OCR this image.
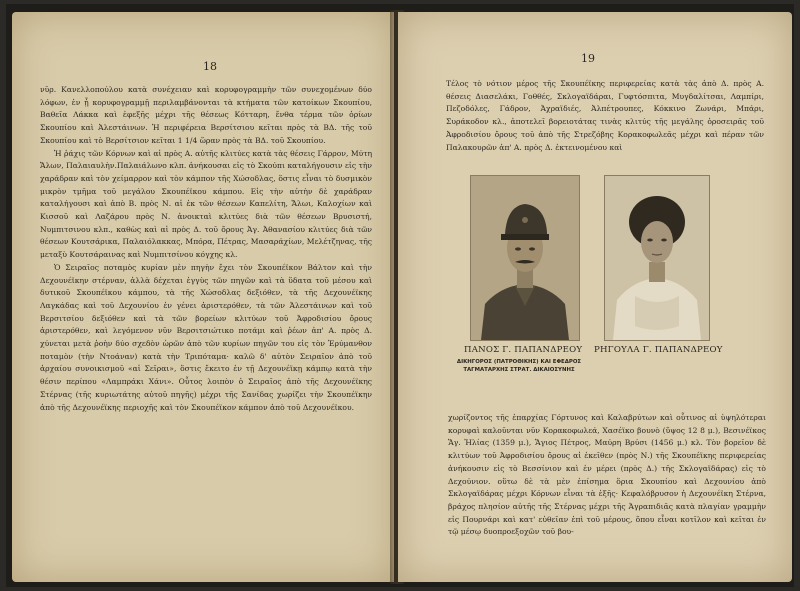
18

νῦρ. Κανελλοπούλου κατὰ συνέχειαν καὶ κορυφογραμμὴν τῶν συνεχομένων δύο λόφων, ἐν ᾗ κορυφογραμμῇ περιλαμβάνονται τὰ κτήματα τῶν κατοίκων Σκουπίου, Βαθεῖα Λάκκα καὶ ἐφεξῆς μέχρι τῆς θέσεως Κότταρη, ἔνθα τέρμα τῶν ὁρίων Σκουπίου καὶ Ἀλεστάινων. Ἡ περιφέρεια Βερσίτσιου κεῖται πρὸς τὰ ΒΔ. τῆς τοῦ Σκουπίου καὶ τὸ Βερσίτσιον κεῖται 1 1/4 ὥραν πρὸς τὰ ΒΔ. τοῦ Σκουπίου.

Ἡ ῥάχις τῶν Κόρνων καὶ αἱ πρὸς Α. αὐτῆς κλιτύες κατὰ τὰς θέσεις Γάρρον, Μύτη Ἄλων, Παλαιαυλὴν.Παλαιάλωνο κλπ. ἀνήκουσαι εἰς τὸ Σκούπι καταλήγουσιν εἰς τὴν χαράδραν καὶ τὸν χείμαρρον καὶ τὸν κάμπον τῆς Χώσοδλας, ὅστις εἶναι τὸ δυσμικὸν μικρὸν τμῆμα τοῦ μεγάλου Σκουπέϊκου κάμπου. Εἰς τὴν αὐτὴν δὲ χαράδραν καταλήγουσι καὶ ἀπὸ Β. πρὸς Ν. αἱ ἐκ τῶν θέσεων Καπελίτη, Ἄλωι, Καλοχίων καὶ Κισσοῦ καὶ Λαζάρου πρὸς Ν. ἀνοικταὶ κλιτύες διὰ τῶν θέσεων Βρυσιστή, Νυμπιτσινου κλπ., καθὼς καὶ αἱ πρὸς Δ. τοῦ ὄρους Ἁγ. Ἀθανασίου κλιτύες διὰ τῶν θέσεων Κουτσάρικα, Παλαιόλακκας, Μπόρα, Πέτρας, Μασαράχίων, Μελέτζηνας, τῆς μεταξὺ Κουτσάραινας καὶ Νυμπιτσίνου κόγχης κλ.

Ὁ Σειραῖος ποταμὸς κυρίαν μὲν πηγὴν ἔχει τὸν Σκουπέϊκον Βάλτον καὶ τὴν Δεχουνέϊκην στέρναν, ἀλλὰ δέχεται ἐγγὺς τῶν πηγῶν καὶ τὰ ὕδατα τοῦ μέσου καὶ δυτικοῦ Σκουπέϊκου κάμπου, τὰ τῆς Χώσοδλας δεξιόθεν, τὰ τῆς Δεχουνέϊκης Λαγκάδας καὶ τοῦ Δεχουνίου ἐν γένει ἀριστερόθεν, τὰ τῶν Ἀλεστάινων καὶ τοῦ Βερσιτσίου δεξιόθεν καὶ τὰ τῶν βορείων κλιτύων τοῦ Ἀφροδισίου ὄρους ἀριστερόθεν, καὶ λεγόμενον νῦν Βερσιτσιώτικο ποτάμι καὶ ῥέων ἀπ' Α. πρὸς Δ. χύνεται μετὰ ῥοὴν δύο σχεδὸν ὡρῶν ἀπὸ τῶν κυρίων πηγῶν του εἰς τὸν Ἐρύμανθον ποταμὸν (τὴν Ντοάναν) κατὰ τὴν Τριπόταμα· καλῶ δ' αὐτὸν Σειραῖον ἀπὸ τοῦ ἀρχαίου συνοικισμοῦ «αἱ Σεῖραι», ὅστις ἔκειτο ἐν τῇ Δεχουνέϊκῃ κάμπῳ κατὰ τὴν θέσιν περίπου «Λαμπράκι Χάνι». Οὗτος λοιπὸν ὁ Σειραῖος ἀπὸ τῆς Δεχουνέϊκης Στέρνας (τῆς κυριωτάτης αὐτοῦ πηγῆς) μέχρι τῆς Σανίδας χωρίζει τὴν Σκουπέϊκην ἀπὸ τῆς Δεχουνέϊκης περιοχῆς καὶ τὸν Σκουπέϊκον κάμπον ἀπὸ τοῦ Δεχουνέϊκου.

19
Τέλος τὸ νότιον μέρος τῆς Σκουπέϊκης περιφερείας κατὰ τὰς ἀπὸ Δ. πρὸς Α. θέσεις Διασελάκι, Γοθθές, Σκλογαϊδάραι, Γυφτόσπιτα, Μυγδαλίτσαι, Λαμπίρι, Πεζοδόλες, Γάδρον, Ἀχραϊδιές, Ἀλπέτρουπες, Κόκκινο Ζωνάρι, Μπάρι, Συράκοδον κλ., ἀποτελεῖ βορειοτάτας τινὰς κλιτύς τῆς μεγάλης ὀροσειρᾶς τοῦ Ἀφροδισίου ὄρους τοῦ ἀπὸ τῆς Στρεζόβης Κορακοφωλεᾶς μέχρι καὶ πέραν τῶν Παλακουρῶν ἀπ' Α. πρὸς Δ. ἐκτεινομένου καὶ
ΠΑΝΟΣ Γ. ΠΑΠΑΝΔΡΕΟΥ ΡΗΓΟΥΛΑ Γ. ΠΑΠΑΝΔΡΕΟΥ
ΔΙΚΗΓΟΡΟΣ (ΠΑΤΡΟΘΙΚΗΣ) ΚΑΙ ΕΦΕΔΡΟΣ ΤΑΓΜΑΤΑΡΧΗΣ ΣΤΡΑΤ. ΔΙΚΑΙΟΣΥΝΗΣ
χωρίζοντος τῆς ἐπαρχίας Γόρτυνος καὶ Καλαβρύτων καὶ οὗτινος αἱ ὑψηλότεραι κορυφαὶ καλοῦνται νῦν Κορακοφωλεά, Χασέϊκο βουνὸ (ὕψος 12 8 μ.), Βεσινέϊκος Ἅγ. Ἠλίας (1359 μ.), Ἅγιος Πέτρος, Μαύρη Βρύσι (1456 μ.) κλ. Τὸν βορεῖον δὲ κλιτύων τοῦ Ἀφροδισίου ὄρους αἱ ἐκεῖθεν (πρὸς Ν.) τῆς Σκουπέϊκης περιφερείας ἀνήκουσιν εἰς τὸ Βεσσίνιον καὶ ἐν μέρει (πρὸς Δ.) τῆς Σκλογαϊδάρας) εἰς τὸ Δεχούνιον. οὕτω δὲ τὰ μὲν ἐπίσημα ὅρια Σκουπίου καὶ Δεχουνίου ἀπὸ Σκλογαϊδάρας μέχρι Κόρνων εἶναι τὰ ἑξῆς· Κεφαλόβρυσον ἡ Δεχουνέϊκη Στέρνα, βράχος πλησίον αὐτῆς τῆς Στέρνας μέχρι τῆς Ἀγραπιδιᾶς κατὰ πλαγίαν γραμμὴν εἰς Πουρνάρι καὶ κατ' εὐθεῖαν ἐπὶ τοῦ μέρους, ὅπου εἶναι κοτῖλον καὶ κεῖται ἐν τῷ μέσῳ δυοπροεξοχῶν τοῦ βου-
